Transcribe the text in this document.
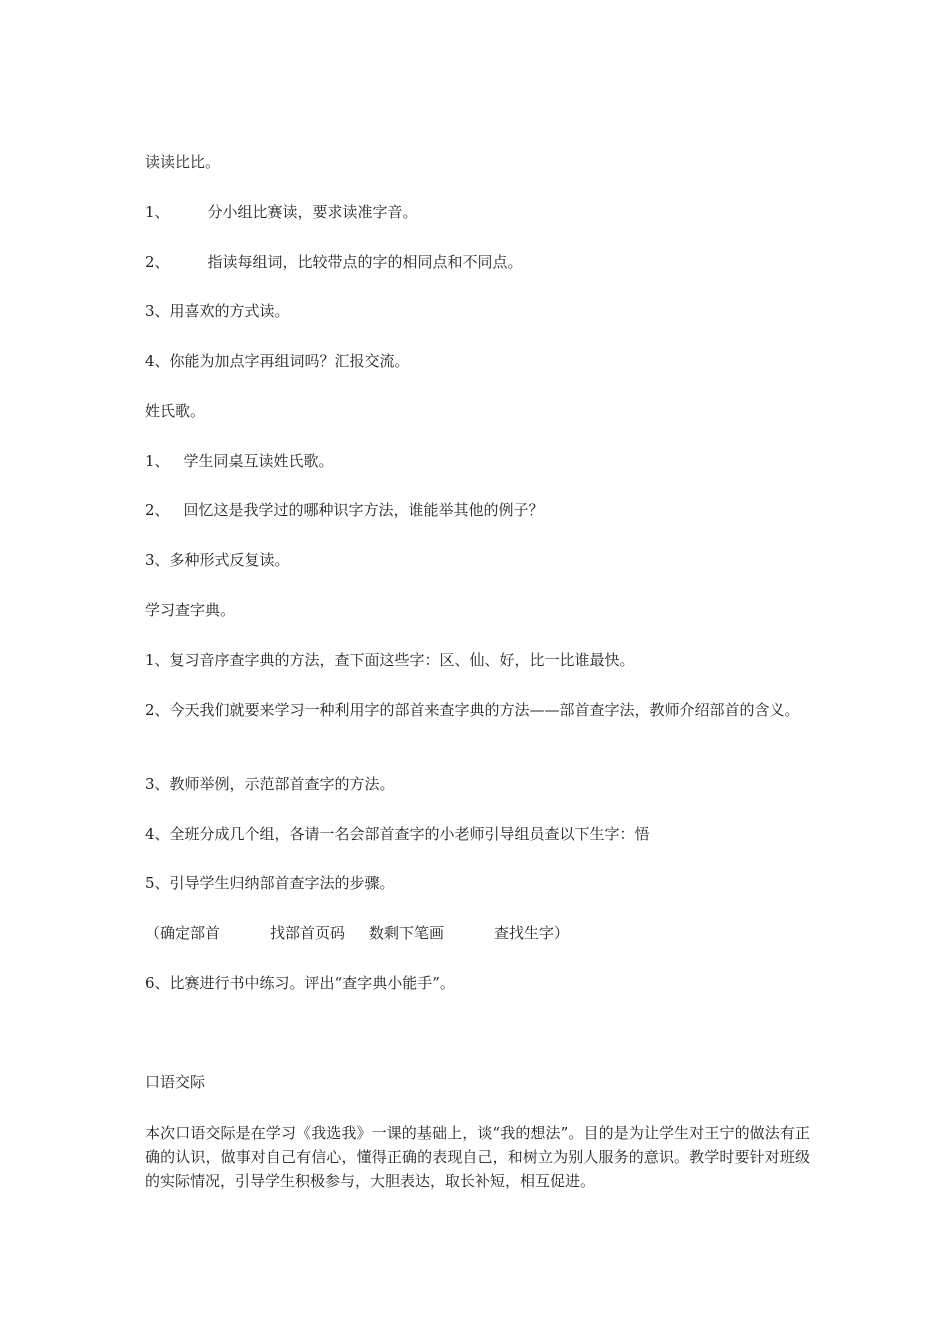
读读比比。
1、	分小组比赛读，要求读准字音。
2、	指读每组词，比较带点的字的相同点和不同点。
3、用喜欢的方式读。
4、你能为加点字再组词吗？汇报交流。
姓氏歌。
1、 学生同桌互读姓氏歌。
2、 回忆这是我学过的哪种识字方法，谁能举其他的例子？
3、多种形式反复读。
学习查字典。
1、复习音序查字典的方法，查下面这些字：区、仙、好，比一比谁最快。
2、今天我们就要来学习一种利用字的部首来查字典的方法——部首查字法，教师介绍部首的含义。
3、教师举例，示范部首查字的方法。
4、全班分成几个组，各请一名会部首查字的小老师引导组员查以下生字：悟
5、引导学生归纳部首查字法的步骤。
（确定部首	找部首页码 数剩下笔画	查找生字）
6、比赛进行书中练习。评出“查字典小能手”。
口语交际
本次口语交际是在学习《我选我》一课的基础上，谈“我的想法”。目的是为让学生对王宁的做法有正确的认识，做事对自己有信心，懂得正确的表现自己，和树立为别人服务的意识。教学时要针对班级的实际情况，引导学生积极参与，大胆表达，取长补短，相互促进。
